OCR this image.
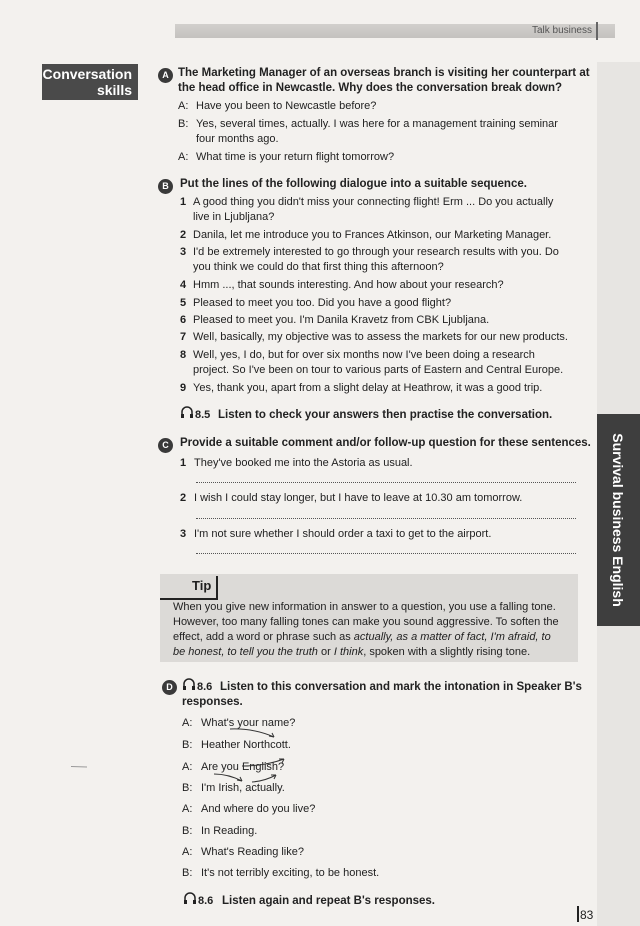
Talk business
Conversation
skills
Survival business English
A The Marketing Manager of an overseas branch is visiting her counterpart at
the head office in Newcastle. Why does the conversation break down?
A: Have you been to Newcastle before?
B: Yes, several times, actually. I was here for a management training seminar
four months ago.
A: What time is your return flight tomorrow?
B Put the lines of the following dialogue into a suitable sequence.
1 A good thing you didn't miss your connecting flight! Erm ... Do you actually
live in Ljubljana?
2 Danila, let me introduce you to Frances Atkinson, our Marketing Manager.
3 I'd be extremely interested to go through your research results with you. Do
you think we could do that first thing this afternoon?
4 Hmm ..., that sounds interesting. And how about your research?
5 Pleased to meet you too. Did you have a good flight?
6 Pleased to meet you. I'm Danila Kravetz from CBK Ljubljana.
7 Well, basically, my objective was to assess the markets for our new products.
8 Well, yes, I do, but for over six months now I've been doing a research
project. So I've been on tour to various parts of Eastern and Central Europe.
9 Yes, thank you, apart from a slight delay at Heathrow, it was a good trip.
8.5 Listen to check your answers then practise the conversation.
C Provide a suitable comment and/or follow-up question for these sentences.
1 They've booked me into the Astoria as usual.
2 I wish I could stay longer, but I have to leave at 10.30 am tomorrow.
3 I'm not sure whether I should order a taxi to get to the airport.
Tip
When you give new information in answer to a question, you use a falling tone.
However, too many falling tones can make you sound aggressive. To soften the
effect, add a word or phrase such as actually, as a matter of fact, I'm afraid, to
be honest, to tell you the truth or I think, spoken with a slightly rising tone.
D	8.6 Listen to this conversation and mark the intonation in Speaker B's
responses.
A: What's your name?
B: Heather Northcott.
A: Are you English?
B: I'm Irish, actually.
A: And where do you live?
B: In Reading.
A: What's Reading like?
B: It's not terribly exciting, to be honest.
8.6 Listen again and repeat B's responses.
83
